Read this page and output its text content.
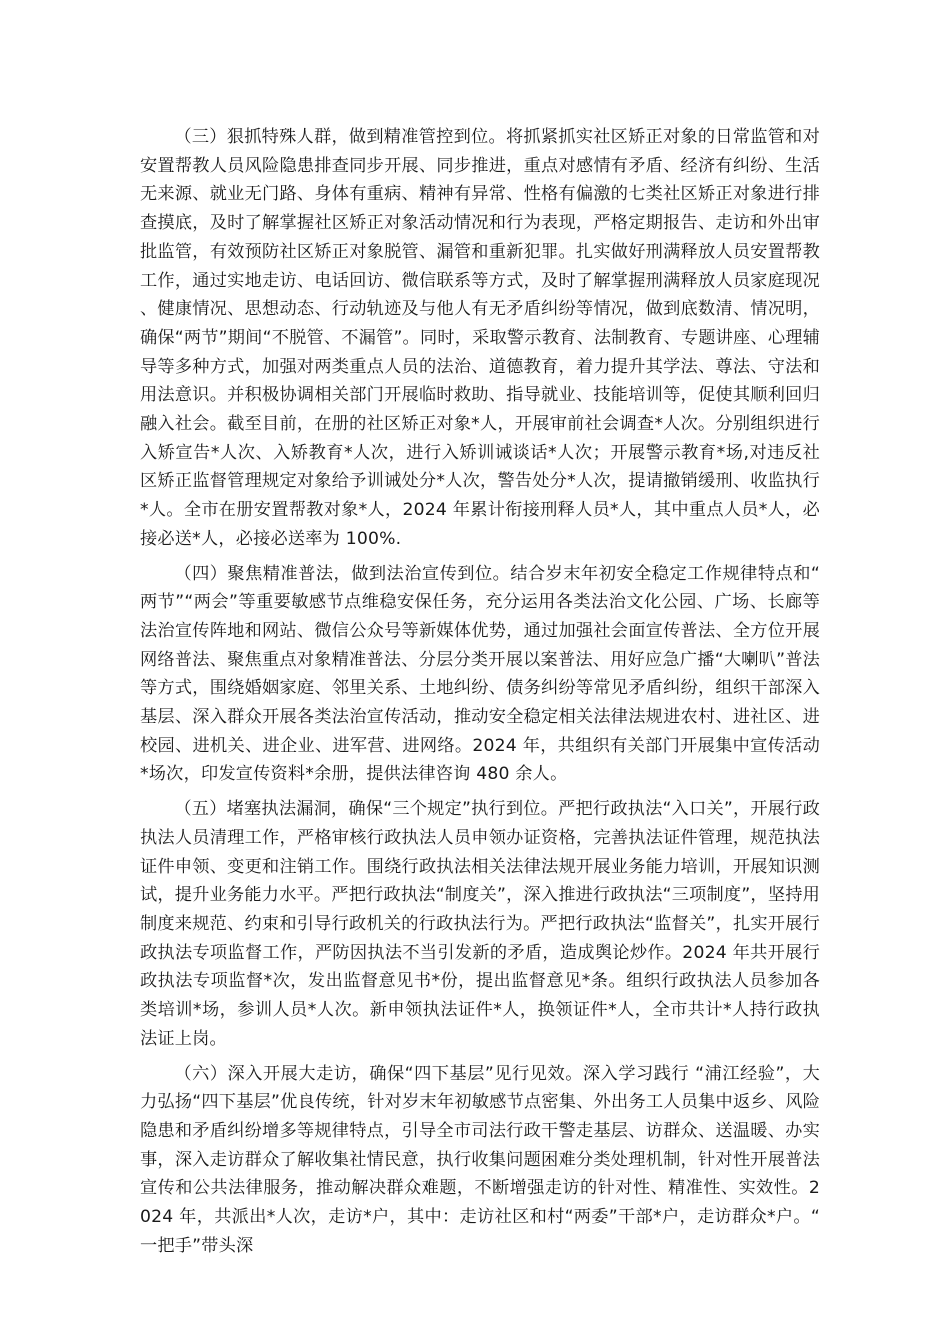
（三）狠抓特殊人群，做到精准管控到位。将抓紧抓实社区矫正对象的日常监管和对安置帮教人员风险隐患排查同步开展、同步推进，重点对感情有矛盾、经济有纠纷、生活无来源、就业无门路、身体有重病、精神有异常、性格有偏激的七类社区矫正对象进行排查摸底，及时了解掌握社区矫正对象活动情况和行为表现，严格定期报告、走访和外出审批监管，有效预防社区矫正对象脱管、漏管和重新犯罪。扎实做好刑满释放人员安置帮教工作，通过实地走访、电话回访、微信联系等方式，及时了解掌握刑满释放人员家庭现况、健康情况、思想动态、行动轨迹及与他人有无矛盾纠纷等情况，做到底数清、情况明，确保“两节”期间“不脱管、不漏管”。同时，采取警示教育、法制教育、专题讲座、心理辅导等多种方式，加强对两类重点人员的法治、道德教育，着力提升其学法、尊法、守法和用法意识。并积极协调相关部门开展临时救助、指导就业、技能培训等，促使其顺利回归融入社会。截至目前，在册的社区矫正对象*人，开展审前社会调查*人次。分别组织进行入矫宣告*人次、入矫教育*人次，进行入矫训诫谈话*人次；开展警示教育*场,对违反社区矫正监督管理规定对象给予训诫处分*人次，警告处分*人次，提请撤销缓刑、收监执行*人。全市在册安置帮教对象*人，2024 年累计衔接刑释人员*人，其中重点人员*人，必接必送*人，必接必送率为 100%.

（四）聚焦精准普法，做到法治宣传到位。结合岁末年初安全稳定工作规律特点和“两节”“两会”等重要敏感节点维稳安保任务，充分运用各类法治文化公园、广场、长廊等法治宣传阵地和网站、微信公众号等新媒体优势，通过加强社会面宣传普法、全方位开展网络普法、聚焦重点对象精准普法、分层分类开展以案普法、用好应急广播“大喇叭”普法等方式，围绕婚姻家庭、邻里关系、土地纠纷、债务纠纷等常见矛盾纠纷，组织干部深入基层、深入群众开展各类法治宣传活动，推动安全稳定相关法律法规进农村、进社区、进校园、进机关、进企业、进军营、进网络。2024 年，共组织有关部门开展集中宣传活动*场次，印发宣传资料*余册，提供法律咨询 480 余人。

（五）堵塞执法漏洞，确保“三个规定”执行到位。严把行政执法“入口关”，开展行政执法人员清理工作，严格审核行政执法人员申领办证资格，完善执法证件管理，规范执法证件申领、变更和注销工作。围绕行政执法相关法律法规开展业务能力培训，开展知识测试，提升业务能力水平。严把行政执法“制度关”，深入推进行政执法“三项制度”，坚持用制度来规范、约束和引导行政机关的行政执法行为。严把行政执法“监督关”，扎实开展行政执法专项监督工作，严防因执法不当引发新的矛盾，造成舆论炒作。2024 年共开展行政执法专项监督*次，发出监督意见书*份，提出监督意见*条。组织行政执法人员参加各类培训*场，参训人员*人次。新申领执法证件*人，换领证件*人，全市共计*人持行政执法证上岗。

（六）深入开展大走访，确保“四下基层”见行见效。深入学习践行 “浦江经验”，大力弘扬“四下基层”优良传统，针对岁末年初敏感节点密集、外出务工人员集中返乡、风险隐患和矛盾纠纷增多等规律特点，引导全市司法行政干警走基层、访群众、送温暖、办实事，深入走访群众了解收集社情民意，执行收集问题困难分类处理机制，针对性开展普法宣传和公共法律服务，推动解决群众难题，不断增强走访的针对性、精准性、实效性。2024 年，共派出*人次，走访*户，其中：走访社区和村“两委”干部*户，走访群众*户。“一把手”带头深
